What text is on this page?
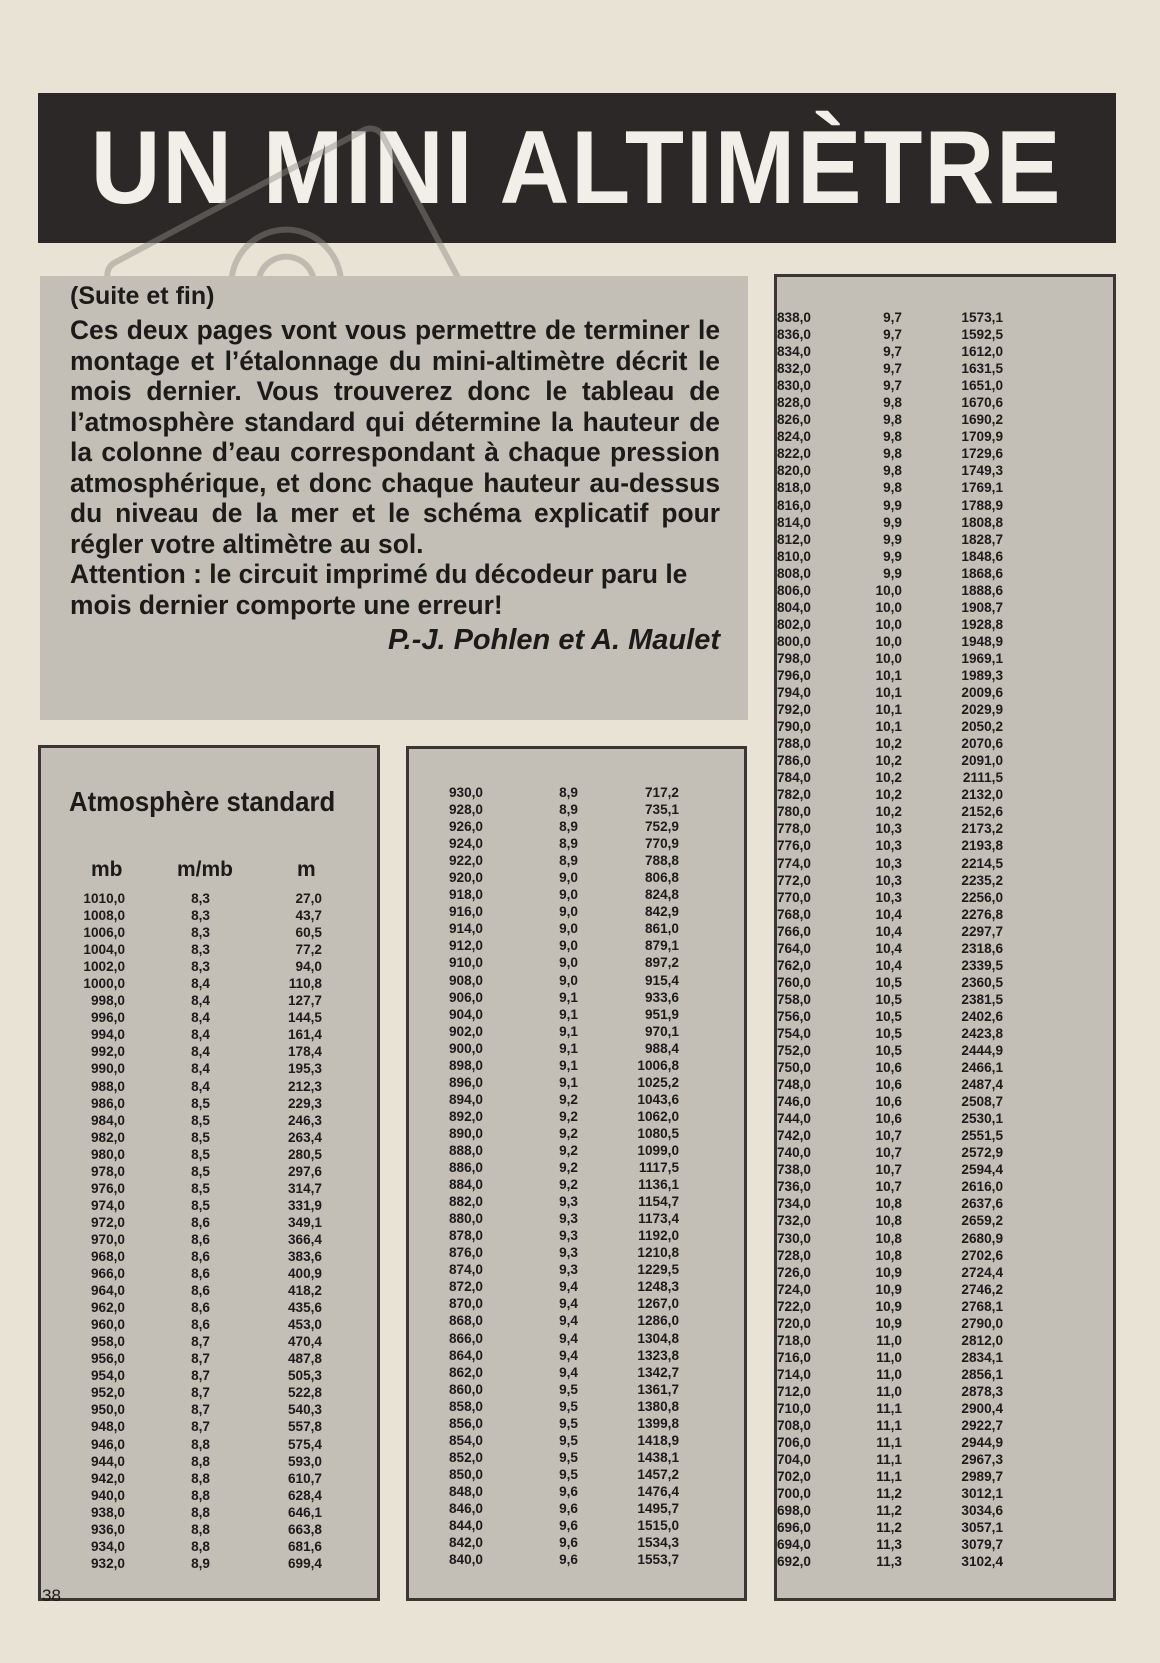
UN MINI ALTIMÈTRE

(Suite et fin)

Ces deux pages vont vous permettre de terminer le montage et l’étalonnage du mini-altimètre décrit le mois dernier. Vous trouverez donc le tableau de l’atmosphère standard qui détermine la hauteur de la colonne d’eau correspondant à chaque pression atmosphérique, et donc chaque hauteur au-dessus du niveau de la mer et le schéma explicatif pour régler votre altimètre au sol.

Attention : le circuit imprimé du décodeur paru le mois dernier comporte une erreur!

P.-J. Pohlen et A. Maulet

Atmosphère standard
mb	m/mb	m
1010,0	8,3	27,0
1008,0	8,3	43,7
1006,0	8,3	60,5
1004,0	8,3	77,2
1002,0	8,3	94,0
1000,0	8,4	110,8
998,0	8,4	127,7
996,0	8,4	144,5
994,0	8,4	161,4
992,0	8,4	178,4
990,0	8,4	195,3
988,0	8,4	212,3
986,0	8,5	229,3
984,0	8,5	246,3
982,0	8,5	263,4
980,0	8,5	280,5
978,0	8,5	297,6
976,0	8,5	314,7
974,0	8,5	331,9
972,0	8,6	349,1
970,0	8,6	366,4
968,0	8,6	383,6
966,0	8,6	400,9
964,0	8,6	418,2
962,0	8,6	435,6
960,0	8,6	453,0
958,0	8,7	470,4
956,0	8,7	487,8
954,0	8,7	505,3
952,0	8,7	522,8
950,0	8,7	540,3
948,0	8,7	557,8
946,0	8,8	575,4
944,0	8,8	593,0
942,0	8,8	610,7
940,0	8,8	628,4
938,0	8,8	646,1
936,0	8,8	663,8
934,0	8,8	681,6
932,0	8,9	699,4
930,0	8,9	717,2
928,0	8,9	735,1
926,0	8,9	752,9
924,0	8,9	770,9
922,0	8,9	788,8
920,0	9,0	806,8
918,0	9,0	824,8
916,0	9,0	842,9
914,0	9,0	861,0
912,0	9,0	879,1
910,0	9,0	897,2
908,0	9,0	915,4
906,0	9,1	933,6
904,0	9,1	951,9
902,0	9,1	970,1
900,0	9,1	988,4
898,0	9,1	1006,8
896,0	9,1	1025,2
894,0	9,2	1043,6
892,0	9,2	1062,0
890,0	9,2	1080,5
888,0	9,2	1099,0
886,0	9,2	1117,5
884,0	9,2	1136,1
882,0	9,3	1154,7
880,0	9,3	1173,4
878,0	9,3	1192,0
876,0	9,3	1210,8
874,0	9,3	1229,5
872,0	9,4	1248,3
870,0	9,4	1267,0
868,0	9,4	1286,0
866,0	9,4	1304,8
864,0	9,4	1323,8
862,0	9,4	1342,7
860,0	9,5	1361,7
858,0	9,5	1380,8
856,0	9,5	1399,8
854,0	9,5	1418,9
852,0	9,5	1438,1
850,0	9,5	1457,2
848,0	9,6	1476,4
846,0	9,6	1495,7
844,0	9,6	1515,0
842,0	9,6	1534,3
840,0	9,6	1553,7
838,0	9,7	1573,1
836,0	9,7	1592,5
834,0	9,7	1612,0
832,0	9,7	1631,5
830,0	9,7	1651,0
828,0	9,8	1670,6
826,0	9,8	1690,2
824,0	9,8	1709,9
822,0	9,8	1729,6
820,0	9,8	1749,3
818,0	9,8	1769,1
816,0	9,9	1788,9
814,0	9,9	1808,8
812,0	9,9	1828,7
810,0	9,9	1848,6
808,0	9,9	1868,6
806,0	10,0	1888,6
804,0	10,0	1908,7
802,0	10,0	1928,8
800,0	10,0	1948,9
798,0	10,0	1969,1
796,0	10,1	1989,3
794,0	10,1	2009,6
792,0	10,1	2029,9
790,0	10,1	2050,2
788,0	10,2	2070,6
786,0	10,2	2091,0
784,0	10,2	2111,5
782,0	10,2	2132,0
780,0	10,2	2152,6
778,0	10,3	2173,2
776,0	10,3	2193,8
774,0	10,3	2214,5
772,0	10,3	2235,2
770,0	10,3	2256,0
768,0	10,4	2276,8
766,0	10,4	2297,7
764,0	10,4	2318,6
762,0	10,4	2339,5
760,0	10,5	2360,5
758,0	10,5	2381,5
756,0	10,5	2402,6
754,0	10,5	2423,8
752,0	10,5	2444,9
750,0	10,6	2466,1
748,0	10,6	2487,4
746,0	10,6	2508,7
744,0	10,6	2530,1
742,0	10,7	2551,5
740,0	10,7	2572,9
738,0	10,7	2594,4
736,0	10,7	2616,0
734,0	10,8	2637,6
732,0	10,8	2659,2
730,0	10,8	2680,9
728,0	10,8	2702,6
726,0	10,9	2724,4
724,0	10,9	2746,2
722,0	10,9	2768,1
720,0	10,9	2790,0
718,0	11,0	2812,0
716,0	11,0	2834,1
714,0	11,0	2856,1
712,0	11,0	2878,3
710,0	11,1	2900,4
708,0	11,1	2922,7
706,0	11,1	2944,9
704,0	11,1	2967,3
702,0	11,1	2989,7
700,0	11,2	3012,1
698,0	11,2	3034,6
696,0	11,2	3057,1
694,0	11,3	3079,7
692,0	11,3	3102,4
38
